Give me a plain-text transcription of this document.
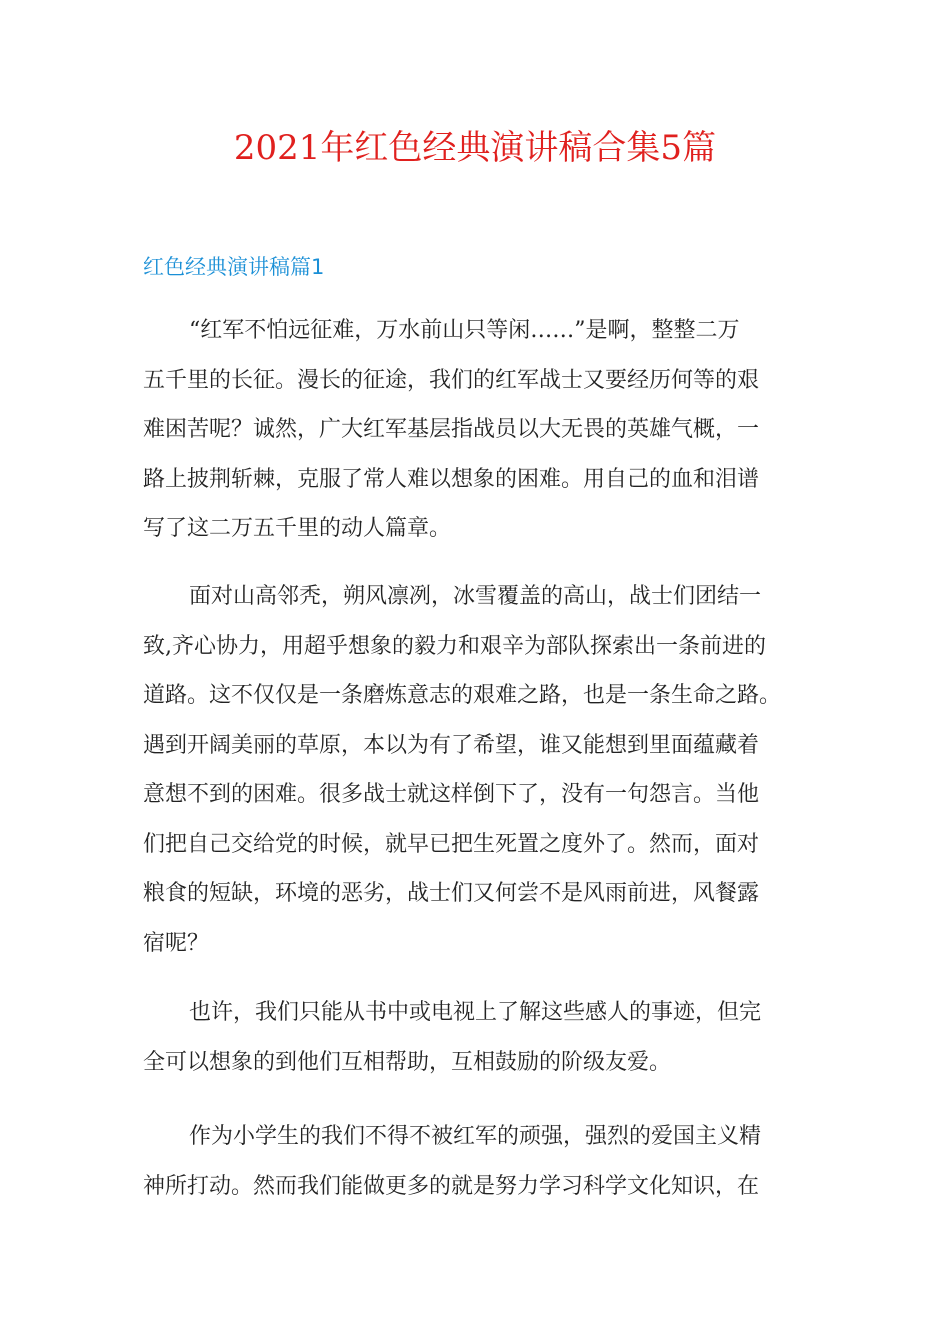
2021年红色经典演讲稿合集5篇
红色经典演讲稿篇1
“红军不怕远征难，万水前山只等闲……”是啊，整整二万
五千里的长征。漫长的征途，我们的红军战士又要经历何等的艰
难困苦呢？诚然，广大红军基层指战员以大无畏的英雄气概，一
路上披荆斩棘，克服了常人难以想象的困难。用自己的血和泪谱
写了这二万五千里的动人篇章。
面对山高邻秃，朔风凛冽，冰雪覆盖的高山，战士们团结一
致,齐心协力，用超乎想象的毅力和艰辛为部队探索出一条前进的
道路。这不仅仅是一条磨炼意志的艰难之路，也是一条生命之路。
遇到开阔美丽的草原，本以为有了希望，谁又能想到里面蕴藏着
意想不到的困难。很多战士就这样倒下了，没有一句怨言。当他
们把自己交给党的时候，就早已把生死置之度外了。然而，面对
粮食的短缺，环境的恶劣，战士们又何尝不是风雨前进，风餐露
宿呢？
也许，我们只能从书中或电视上了解这些感人的事迹，但完
全可以想象的到他们互相帮助，互相鼓励的阶级友爱。
作为小学生的我们不得不被红军的顽强，强烈的爱国主义精
神所打动。然而我们能做更多的就是努力学习科学文化知识，在
